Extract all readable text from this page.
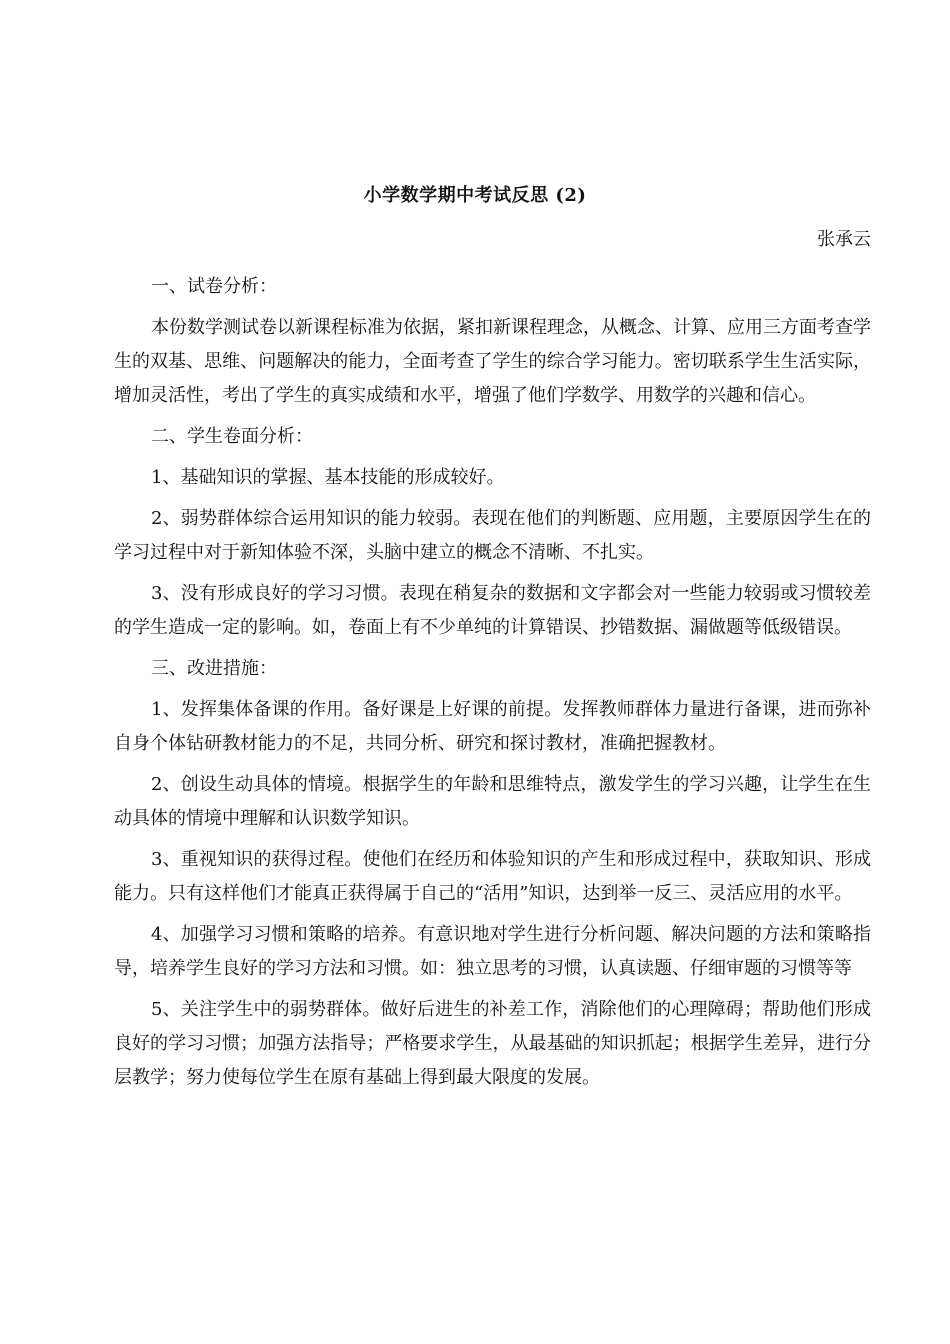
小学数学期中考试反思 (2)
张承云

一、试卷分析：

本份数学测试卷以新课程标准为依据，紧扣新课程理念，从概念、计算、应用三方面考查学生的双基、思维、问题解决的能力，全面考查了学生的综合学习能力。密切联系学生生活实际，增加灵活性，考出了学生的真实成绩和水平，增强了他们学数学、用数学的兴趣和信心。

二、学生卷面分析：

1、基础知识的掌握、基本技能的形成较好。

2、弱势群体综合运用知识的能力较弱。表现在他们的判断题、应用题，主要原因学生在的学习过程中对于新知体验不深，头脑中建立的概念不清晰、不扎实。

3、没有形成良好的学习习惯。表现在稍复杂的数据和文字都会对一些能力较弱或习惯较差的学生造成一定的影响。如，卷面上有不少单纯的计算错误、抄错数据、漏做题等低级错误。

三、改进措施：

1、发挥集体备课的作用。备好课是上好课的前提。发挥教师群体力量进行备课，进而弥补自身个体钻研教材能力的不足，共同分析、研究和探讨教材，准确把握教材。

2、创设生动具体的情境。根据学生的年龄和思维特点，激发学生的学习兴趣，让学生在生动具体的情境中理解和认识数学知识。

3、重视知识的获得过程。使他们在经历和体验知识的产生和形成过程中，获取知识、形成能力。只有这样他们才能真正获得属于自己的“活用”知识，达到举一反三、灵活应用的水平。

4、加强学习习惯和策略的培养。有意识地对学生进行分析问题、解决问题的方法和策略指导，培养学生良好的学习方法和习惯。如：独立思考的习惯，认真读题、仔细审题的习惯等等

5、关注学生中的弱势群体。做好后进生的补差工作，消除他们的心理障碍；帮助他们形成良好的学习习惯；加强方法指导；严格要求学生，从最基础的知识抓起；根据学生差异，进行分层教学；努力使每位学生在原有基础上得到最大限度的发展。
